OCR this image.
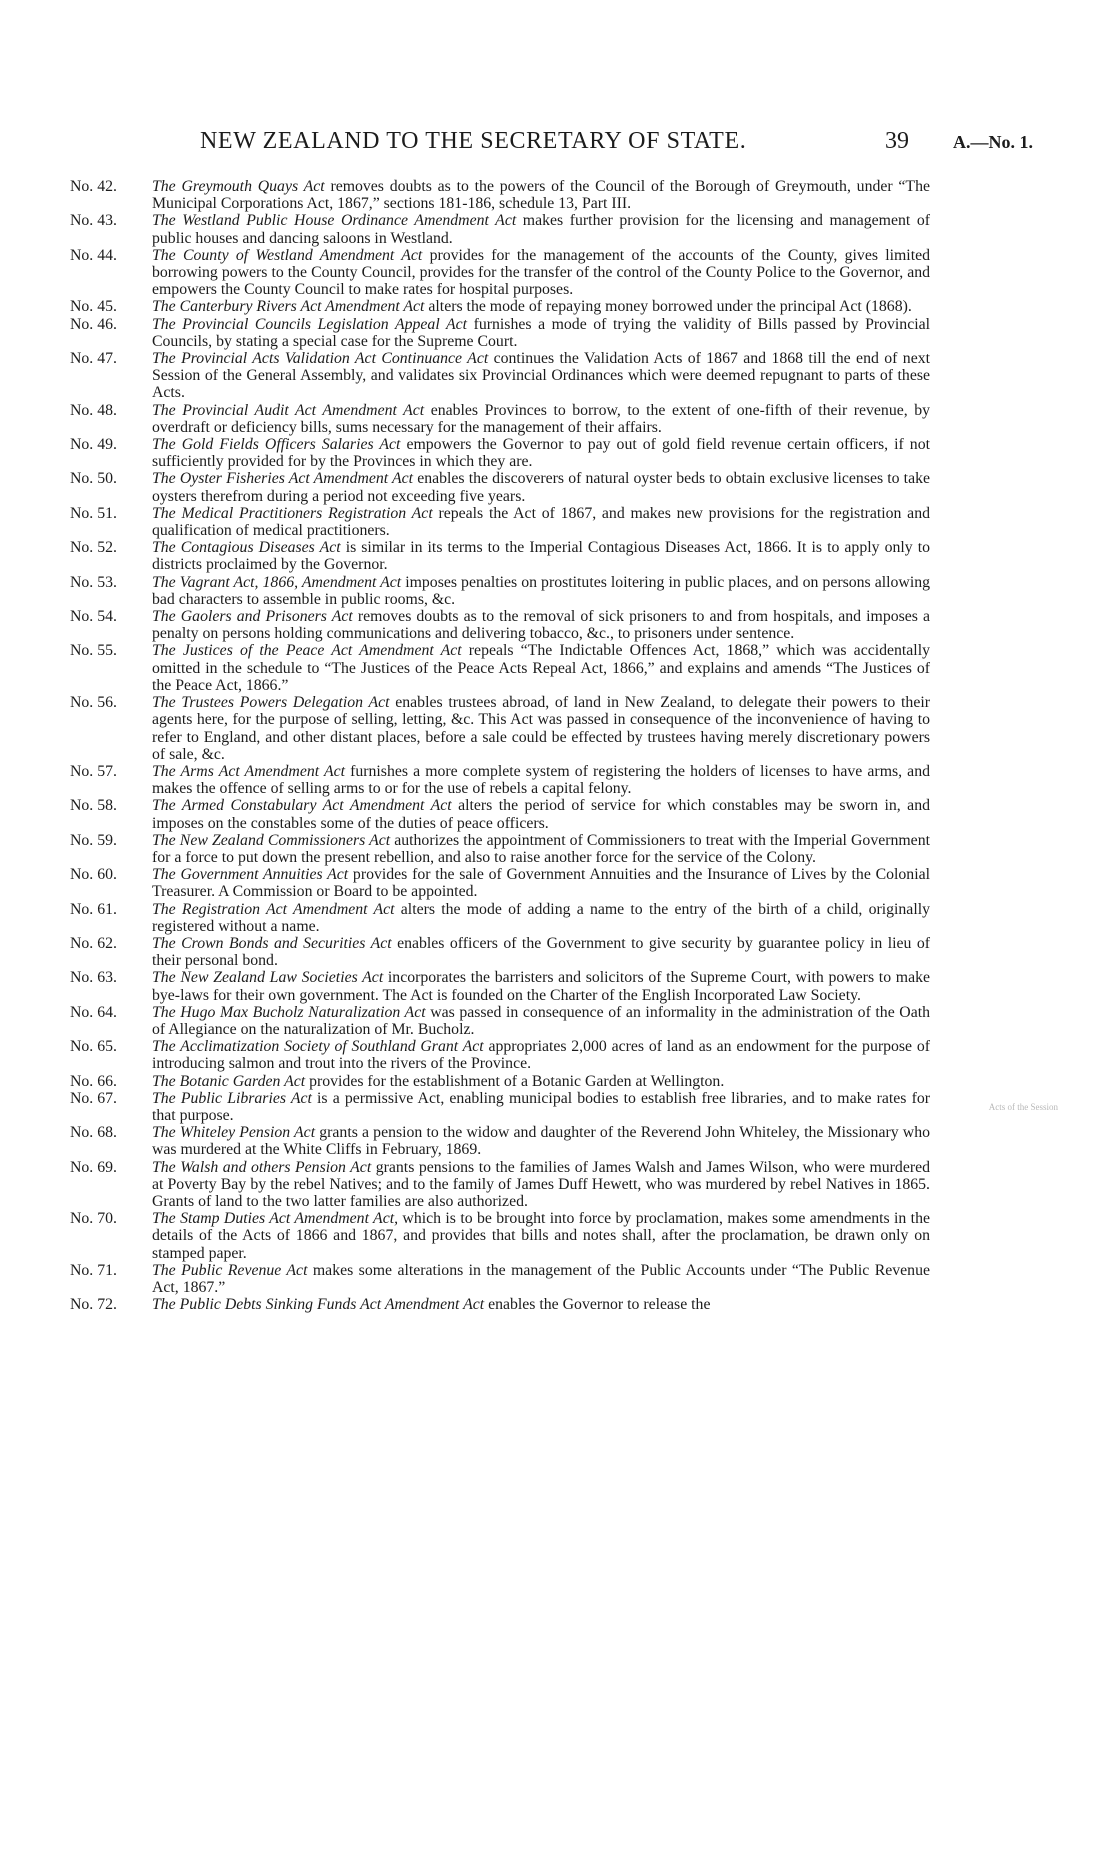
NEW ZEALAND TO THE SECRETARY OF STATE.	39 A.—No. 1.

No. 42.	The Greymouth Quays Act removes doubts as to the powers of the Council of the Borough of Greymouth, under “The Municipal Corporations Act, 1867,” sections 181-186, schedule 13, Part III.

No. 43.	The Westland Public House Ordinance Amendment Act makes further provision for the licensing and management of public houses and dancing saloons in Westland.

No. 44.	The County of Westland Amendment Act provides for the management of the accounts of the County, gives limited borrowing powers to the County Council, provides for the transfer of the control of the County Police to the Governor, and empowers the County Council to make rates for hospital purposes.

No. 45.	The Canterbury Rivers Act Amendment Act alters the mode of repaying money borrowed under the principal Act (1868).

No. 46.	The Provincial Councils Legislation Appeal Act furnishes a mode of trying the validity of Bills passed by Provincial Councils, by stating a special case for the Supreme Court.

No. 47.	The Provincial Acts Validation Act Continuance Act continues the Validation Acts of 1867 and 1868 till the end of next Session of the General Assembly, and validates six Provincial Ordinances which were deemed repugnant to parts of these Acts.

No. 48.	The Provincial Audit Act Amendment Act enables Provinces to borrow, to the extent of one-fifth of their revenue, by overdraft or deficiency bills, sums necessary for the management of their affairs.

No. 49.	The Gold Fields Officers Salaries Act empowers the Governor to pay out of gold field revenue certain officers, if not sufficiently provided for by the Provinces in which they are.

No. 50.	The Oyster Fisheries Act Amendment Act enables the discoverers of natural oyster beds to obtain exclusive licenses to take oysters therefrom during a period not exceeding five years.

No. 51.	The Medical Practitioners Registration Act repeals the Act of 1867, and makes new provisions for the registration and qualification of medical practitioners.

No. 52.	The Contagious Diseases Act is similar in its terms to the Imperial Contagious Diseases Act, 1866. It is to apply only to districts proclaimed by the Governor.

No. 53.	The Vagrant Act, 1866, Amendment Act imposes penalties on prostitutes loitering in public places, and on persons allowing bad characters to assemble in public rooms, &c.

No. 54.	The Gaolers and Prisoners Act removes doubts as to the removal of sick prisoners to and from hospitals, and imposes a penalty on persons holding communications and delivering tobacco, &c., to prisoners under sentence.

No. 55.	The Justices of the Peace Act Amendment Act repeals “The Indictable Offences Act, 1868,” which was accidentally omitted in the schedule to “The Justices of the Peace Acts Repeal Act, 1866,” and explains and amends “The Justices of the Peace Act, 1866.”

No. 56.	The Trustees Powers Delegation Act enables trustees abroad, of land in New Zealand, to delegate their powers to their agents here, for the purpose of selling, letting, &c. This Act was passed in consequence of the inconvenience of having to refer to England, and other distant places, before a sale could be effected by trustees having merely discretionary powers of sale, &c.

No. 57.	The Arms Act Amendment Act furnishes a more complete system of registering the holders of licenses to have arms, and makes the offence of selling arms to or for the use of rebels a capital felony.

No. 58.	The Armed Constabulary Act Amendment Act alters the period of service for which constables may be sworn in, and imposes on the constables some of the duties of peace officers.

No. 59.	The New Zealand Commissioners Act authorizes the appointment of Commissioners to treat with the Imperial Government for a force to put down the present rebellion, and also to raise another force for the service of the Colony.

No. 60.	The Government Annuities Act provides for the sale of Government Annuities and the Insurance of Lives by the Colonial Treasurer. A Commission or Board to be appointed.

No. 61.	The Registration Act Amendment Act alters the mode of adding a name to the entry of the birth of a child, originally registered without a name.

No. 62.	The Crown Bonds and Securities Act enables officers of the Government to give security by guarantee policy in lieu of their personal bond.

No. 63.	The New Zealand Law Societies Act incorporates the barristers and solicitors of the Supreme Court, with powers to make bye-laws for their own government. The Act is founded on the Charter of the English Incorporated Law Society.

No. 64.	The Hugo Max Bucholz Naturalization Act was passed in consequence of an informality in the administration of the Oath of Allegiance on the naturalization of Mr. Bucholz.

No. 65.	The Acclimatization Society of Southland Grant Act appropriates 2,000 acres of land as an endowment for the purpose of introducing salmon and trout into the rivers of the Province.

No. 66.	The Botanic Garden Act provides for the establishment of a Botanic Garden at Wellington.

No. 67.	The Public Libraries Act is a permissive Act, enabling municipal bodies to establish free libraries, and to make rates for that purpose.

No. 68.	The Whiteley Pension Act grants a pension to the widow and daughter of the Reverend John Whiteley, the Missionary who was murdered at the White Cliffs in February, 1869.

No. 69.	The Walsh and others Pension Act grants pensions to the families of James Walsh and James Wilson, who were murdered at Poverty Bay by the rebel Natives; and to the family of James Duff Hewett, who was murdered by rebel Natives in 1865. Grants of land to the two latter families are also authorized.

No. 70.	The Stamp Duties Act Amendment Act, which is to be brought into force by proclamation, makes some amendments in the details of the Acts of 1866 and 1867, and provides that bills and notes shall, after the proclamation, be drawn only on stamped paper.

No. 71.	The Public Revenue Act makes some alterations in the management of the Public Accounts under “The Public Revenue Act, 1867.”

No. 72.	The Public Debts Sinking Funds Act Amendment Act enables the Governor to release the

Acts of the Session
